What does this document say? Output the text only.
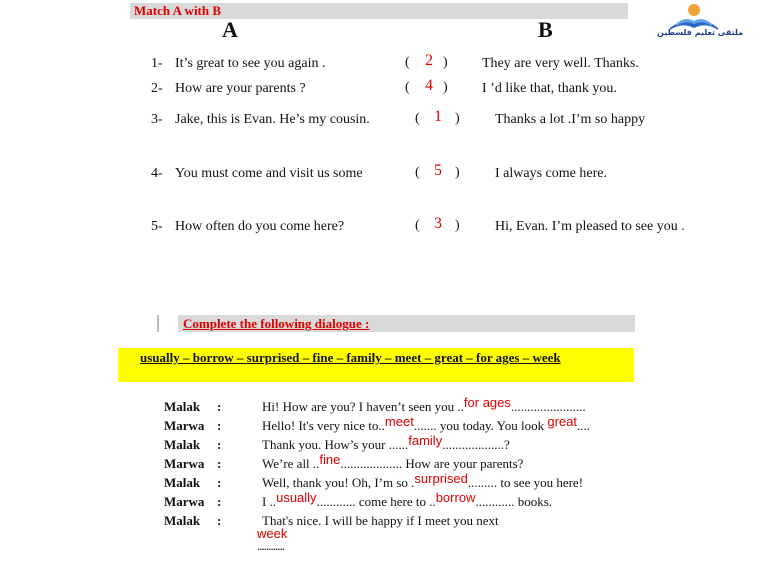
Match A with B
A	B	ملتقى تعليم فلسطين
1- It’s great to see you again .	( 2 ) They are very well. Thanks.
2- How are your parents ?	( 4 ) I ’d like that, thank you.
3- Jake, this is Evan. He’s my cousin.	( 1 )	Thanks a lot .I’m so happy
4- You must come and visit us some	( 5 )	I always come here.
5- How often do you come here?	( 3 )	Hi, Evan. I’m pleased to see you .
Complete the following dialogue :
usually – borrow – surprised – fine – family – meet – great – for ages – week
Malak :	Hi! How are you? I haven’t seen you ..for ages.......................
Marwa :	Hello! It's very nice to..meet....... you today. You look great....
Malak :	Thank you. How’s your ......family...................?
Marwa :	We’re all ..fine................... How are your parents?
Malak :	Well, thank you! Oh, I’m so .surprised......... to see you here!
Marwa :	I ..usually............ come here to ..borrow............ books.
Malak :	That's nice. I will be happy if I meet you next
week
............
